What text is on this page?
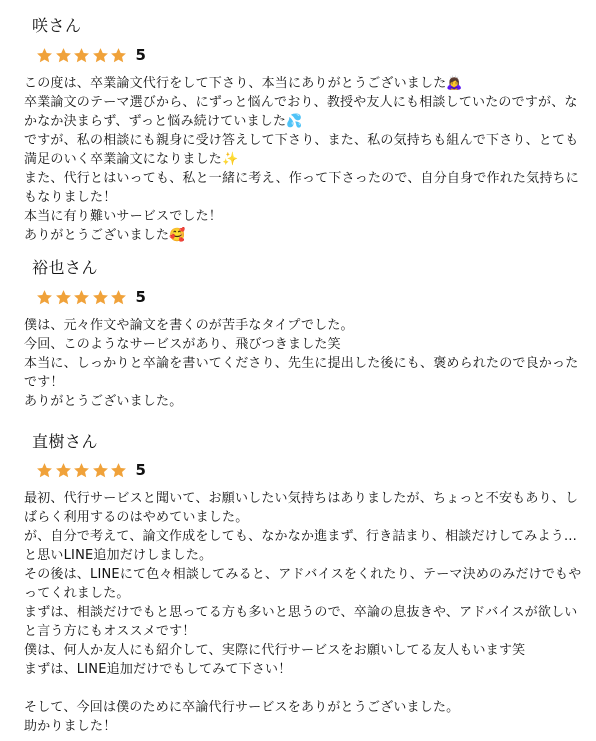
咲さん
5
この度は、卒業論文代行をして下さり、本当にありがとうございました🙇‍♀️
卒業論文のテーマ選びから、にずっと悩んでおり、教授や友人にも相談していたのですが、なかなか決まらず、ずっと悩み続けていました💦
ですが、私の相談にも親身に受け答えして下さり、また、私の気持ちも組んで下さり、とても満足のいく卒業論文になりました✨
また、代行とはいっても、私と一緒に考え、作って下さったので、自分自身で作れた気持ちにもなりました！
本当に有り難いサービスでした！
ありがとうございました🥰
裕也さん
5
僕は、元々作文や論文を書くのが苦手なタイプでした。
今回、このようなサービスがあり、飛びつきました笑
本当に、しっかりと卒論を書いてくださり、先生に提出した後にも、褒められたので良かったです！
ありがとうございました。
直樹さん
5
最初、代行サービスと聞いて、お願いしたい気持ちはありましたが、ちょっと不安もあり、しばらく利用するのはやめていました。
が、自分で考えて、論文作成をしても、なかなか進まず、行き詰まり、相談だけしてみよう…と思いLINE追加だけしました。
その後は、LINEにて色々相談してみると、アドバイスをくれたり、テーマ決めのみだけでもやってくれました。
まずは、相談だけでもと思ってる方も多いと思うので、卒論の息抜きや、アドバイスが欲しいと言う方にもオススメです！
僕は、何人か友人にも紹介して、実際に代行サービスをお願いしてる友人もいます笑
まずは、LINE追加だけでもしてみて下さい！

そして、今回は僕のために卒論代行サービスをありがとうございました。
助かりました！
